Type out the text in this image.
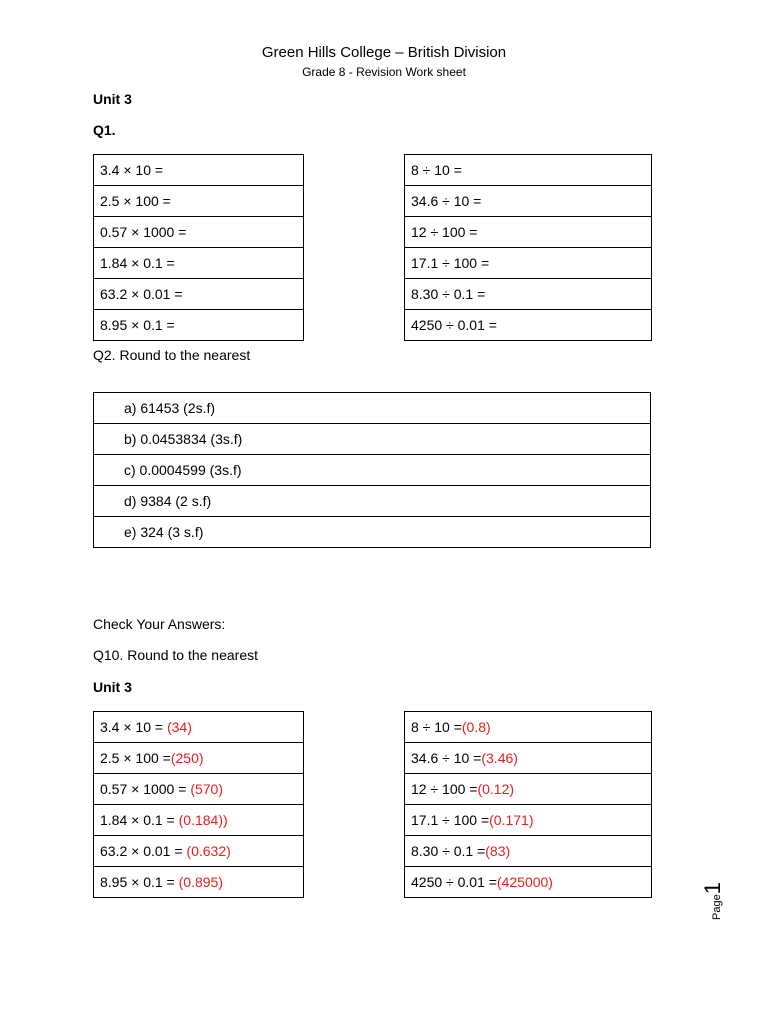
Green Hills College – British Division
Grade 8 - Revision Work sheet
Unit 3
Q1.
3.4 × 10 =
2.5 × 100 =
0.57 × 1000 =
1.84 × 0.1 =
63.2 × 0.01 =
8.95 × 0.1 =
8 ÷ 10 =
34.6 ÷ 10 =
12 ÷ 100 =
17.1 ÷ 100 =
8.30 ÷ 0.1 =
4250 ÷ 0.01 =
Q2. Round to the nearest
a) 61453 (2s.f)
b) 0.0453834 (3s.f)
c) 0.0004599 (3s.f)
d) 9384 (2 s.f)
e) 324 (3 s.f)
Check Your Answers:
Q10. Round to the nearest
Unit 3
3.4 × 10 = (34)
2.5 × 100 =(250)
0.57 × 1000 = (570)
1.84 × 0.1 = (0.184))
63.2 × 0.01 = (0.632)
8.95 × 0.1 = (0.895)
8 ÷ 10 =(0.8)
34.6 ÷ 10 =(3.46)
12 ÷ 100 =(0.12)
17.1 ÷ 100 =(0.171)
8.30 ÷ 0.1 =(83)
4250 ÷ 0.01 =(425000)
Page1
